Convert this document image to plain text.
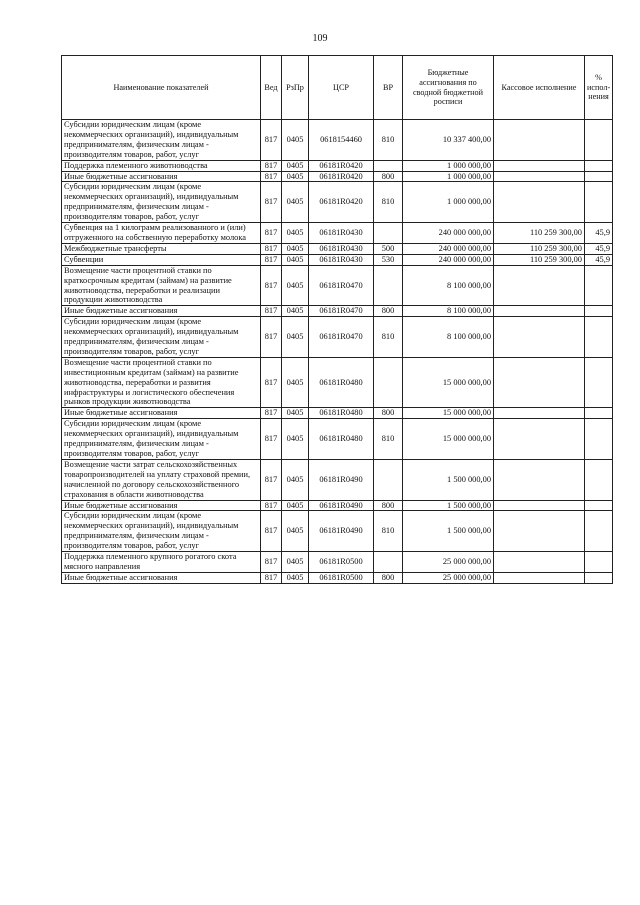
109
Наименование показателей	Вед	РзПр	ЦСР	ВР	Бюджетные ассигнования по сводной бюджетной росписи	Кассовое исполнение	% испол-нения
Субсидии юридическим лицам (кроме некоммерческих организаций), индивидуальным предпринимателям, физическим лицам - производителям товаров, работ, услуг	817	0405	0618154460	810	10 337 400,00		
Поддержка племенного животноводства	817	0405	06181R0420		1 000 000,00		
Иные бюджетные ассигнования	817	0405	06181R0420	800	1 000 000,00		
Субсидии юридическим лицам (кроме некоммерческих организаций), индивидуальным предпринимателям, физическим лицам - производителям товаров, работ, услуг	817	0405	06181R0420	810	1 000 000,00		
Субвенция на 1 килограмм реализованного и (или) отгруженного на собственную переработку молока	817	0405	06181R0430		240 000 000,00	110 259 300,00	45,9
Межбюджетные трансферты	817	0405	06181R0430	500	240 000 000,00	110 259 300,00	45,9
Субвенции	817	0405	06181R0430	530	240 000 000,00	110 259 300,00	45,9
Возмещение части процентной ставки по краткосрочным кредитам (займам) на развитие животноводства, переработки и реализации продукции животноводства	817	0405	06181R0470		8 100 000,00		
Иные бюджетные ассигнования	817	0405	06181R0470	800	8 100 000,00		
Субсидии юридическим лицам (кроме некоммерческих организаций), индивидуальным предпринимателям, физическим лицам - производителям товаров, работ, услуг	817	0405	06181R0470	810	8 100 000,00		
Возмещение части процентной ставки по инвестиционным кредитам (займам) на развитие животноводства, переработки и развития инфраструктуры и логистического обеспечения рынков продукции животноводства	817	0405	06181R0480		15 000 000,00		
Иные бюджетные ассигнования	817	0405	06181R0480	800	15 000 000,00		
Субсидии юридическим лицам (кроме некоммерческих организаций), индивидуальным предпринимателям, физическим лицам - производителям товаров, работ, услуг	817	0405	06181R0480	810	15 000 000,00		
Возмещение части затрат сельскохозяйственных товаропроизводителей на уплату страховой премии, начисленной по договору сельскохозяйственного страхования в области животноводства	817	0405	06181R0490		1 500 000,00		
Иные бюджетные ассигнования	817	0405	06181R0490	800	1 500 000,00		
Субсидии юридическим лицам (кроме некоммерческих организаций), индивидуальным предпринимателям, физическим лицам - производителям товаров, работ, услуг	817	0405	06181R0490	810	1 500 000,00		
Поддержка племенного крупного рогатого скота мясного направления	817	0405	06181R0500		25 000 000,00		
Иные бюджетные ассигнования	817	0405	06181R0500	800	25 000 000,00		
